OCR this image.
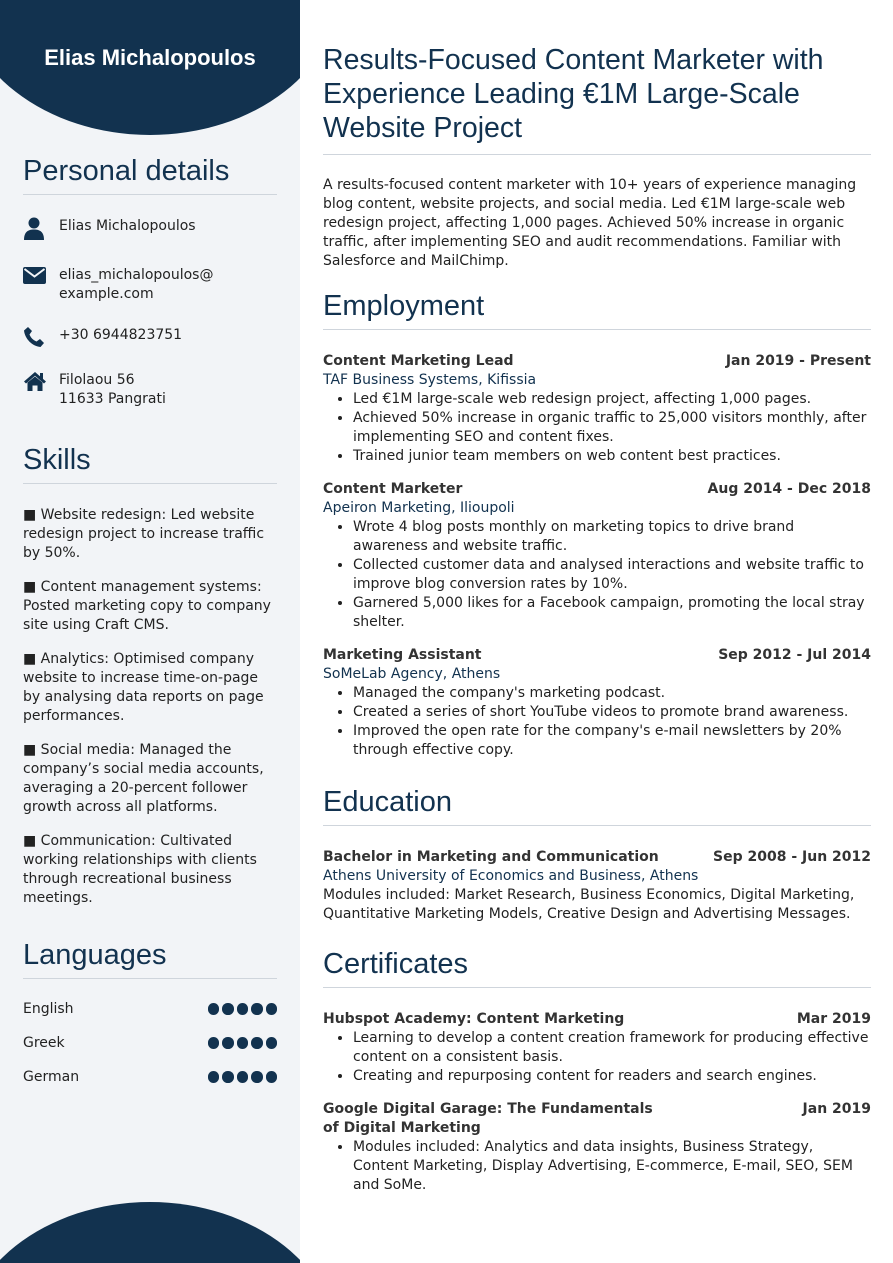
Elias Michalopoulos
Personal details
Elias Michalopoulos
elias_michalopoulos@
example.com
+30 6944823751
Filolaou 56
11633 Pangrati
Skills
■ Website redesign: Led website redesign project to increase traffic by 50%.
■ Content management systems: Posted marketing copy to company site using Craft CMS.
■ Analytics: Optimised company website to increase time-on-page by analysing data reports on page performances.
■ Social media: Managed the company’s social media accounts, averaging a 20-percent follower growth across all platforms.
■ Communication: Cultivated working relationships with clients through recreational business meetings.
Languages
English
Greek
German
Results-Focused Content Marketer with Experience Leading €1M Large-Scale Website Project
A results-focused content marketer with 10+ years of experience managing blog content, website projects, and social media. Led €1M large-scale web redesign project, affecting 1,000 pages. Achieved 50% increase in organic traffic, after implementing SEO and audit recommendations. Familiar with Salesforce and MailChimp.
Employment
Content Marketing Lead	Jan 2019 - Present
TAF Business Systems, Kifissia
• Led €1M large-scale web redesign project, affecting 1,000 pages.
• Achieved 50% increase in organic traffic to 25,000 visitors monthly, after implementing SEO and content fixes.
• Trained junior team members on web content best practices.
Content Marketer	Aug 2014 - Dec 2018
Apeiron Marketing, Ilioupoli
• Wrote 4 blog posts monthly on marketing topics to drive brand awareness and website traffic.
• Collected customer data and analysed interactions and website traffic to improve blog conversion rates by 10%.
• Garnered 5,000 likes for a Facebook campaign, promoting the local stray shelter.
Marketing Assistant	Sep 2012 - Jul 2014
SoMeLab Agency, Athens
• Managed the company's marketing podcast.
• Created a series of short YouTube videos to promote brand awareness.
• Improved the open rate for the company's e-mail newsletters by 20% through effective copy.
Education
Bachelor in Marketing and Communication	Sep 2008 - Jun 2012
Athens University of Economics and Business, Athens
Modules included: Market Research, Business Economics, Digital Marketing, Quantitative Marketing Models, Creative Design and Advertising Messages.
Certificates
Hubspot Academy: Content Marketing	Mar 2019
• Learning to develop a content creation framework for producing effective content on a consistent basis.
• Creating and repurposing content for readers and search engines.
Google Digital Garage: The Fundamentals
of Digital Marketing
Jan 2019
• Modules included: Analytics and data insights, Business Strategy, Content Marketing, Display Advertising, E-commerce, E-mail, SEO, SEM and SoMe.
